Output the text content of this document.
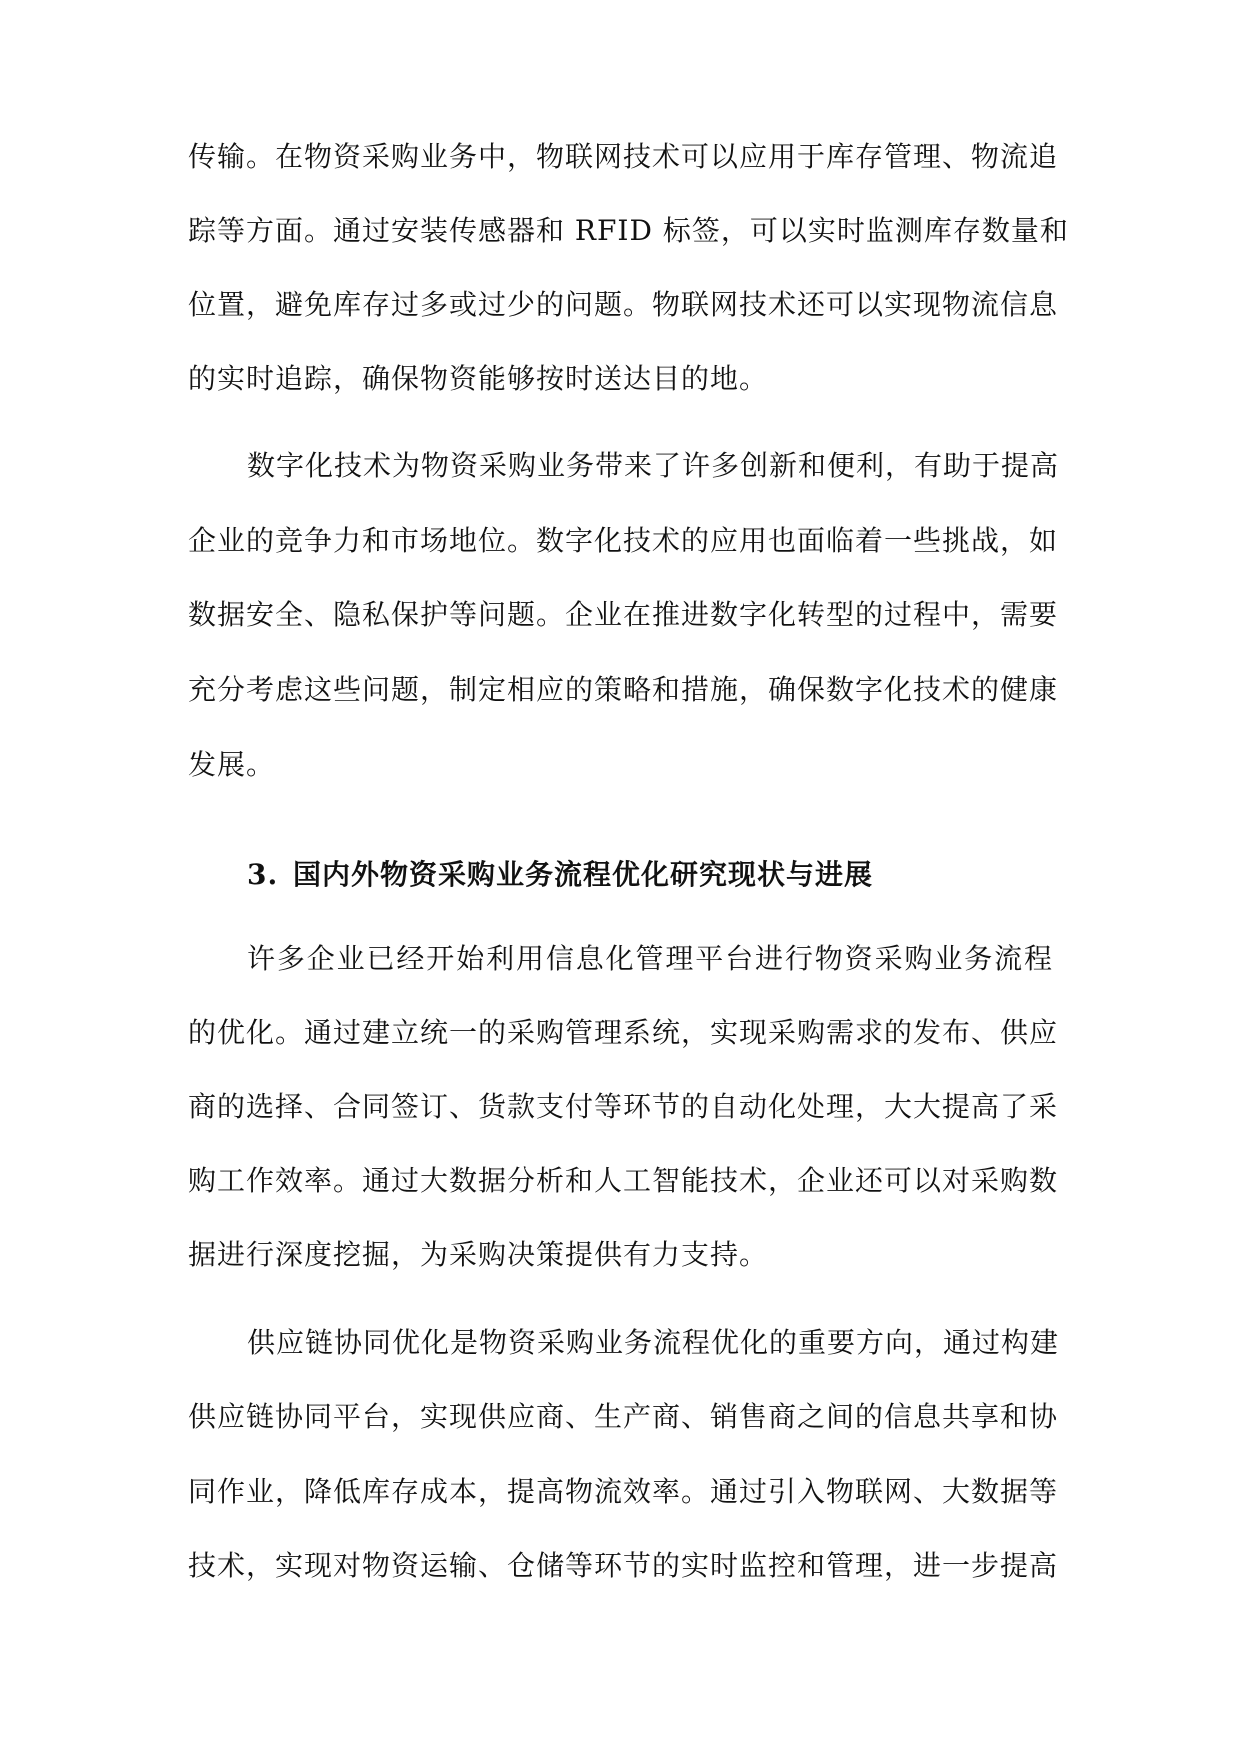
传输。在物资采购业务中，物联网技术可以应用于库存管理、物流追
踪等方面。通过安装传感器和 RFID 标签，可以实时监测库存数量和
位置，避免库存过多或过少的问题。物联网技术还可以实现物流信息
的实时追踪，确保物资能够按时送达目的地。
数字化技术为物资采购业务带来了许多创新和便利，有助于提高
企业的竞争力和市场地位。数字化技术的应用也面临着一些挑战，如
数据安全、隐私保护等问题。企业在推进数字化转型的过程中，需要
充分考虑这些问题，制定相应的策略和措施，确保数字化技术的健康
发展。
3. 国内外物资采购业务流程优化研究现状与进展
许多企业已经开始利用信息化管理平台进行物资采购业务流程
的优化。通过建立统一的采购管理系统，实现采购需求的发布、供应
商的选择、合同签订、货款支付等环节的自动化处理，大大提高了采
购工作效率。通过大数据分析和人工智能技术，企业还可以对采购数
据进行深度挖掘，为采购决策提供有力支持。
供应链协同优化是物资采购业务流程优化的重要方向，通过构建
供应链协同平台，实现供应商、生产商、销售商之间的信息共享和协
同作业，降低库存成本，提高物流效率。通过引入物联网、大数据等
技术，实现对物资运输、仓储等环节的实时监控和管理，进一步提高
